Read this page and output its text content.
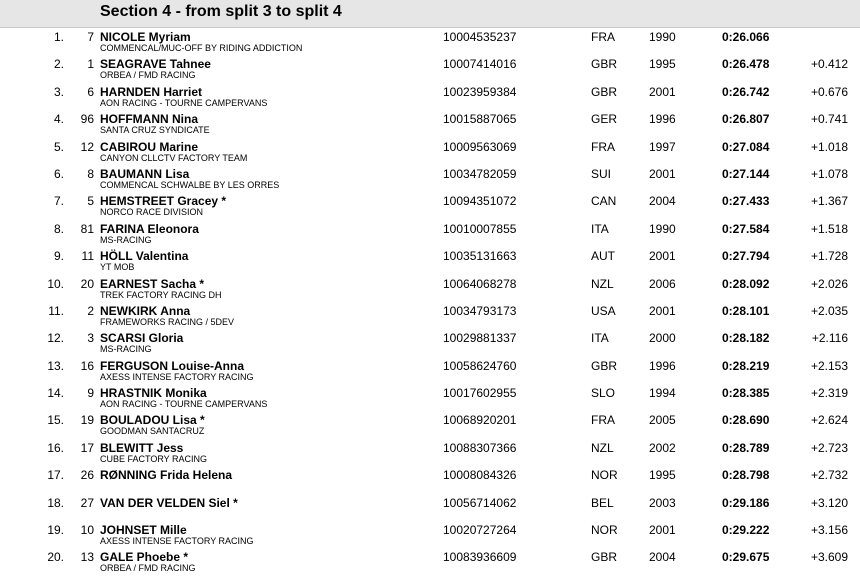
Section 4 - from split 3 to split 4
1.	7 NICOLE Myriam
COMMENCAL/MUC-OFF BY RIDING ADDICTION
10004535237	FRA	1990	0:26.066
2.	1 SEAGRAVE Tahnee
ORBEA / FMD RACING
10007414016	GBR	1995	0:26.478	+0.412
3.	6 HARNDEN Harriet
AON RACING - TOURNE CAMPERVANS
10023959384	GBR	2001	0:26.742	+0.676
4.	96 HOFFMANN Nina
SANTA CRUZ SYNDICATE
10015887065	GER	1996	0:26.807	+0.741
5.	12 CABIROU Marine
CANYON CLLCTV FACTORY TEAM
10009563069	FRA	1997	0:27.084	+1.018
6.	8 BAUMANN Lisa
COMMENCAL SCHWALBE BY LES ORRES
10034782059	SUI	2001	0:27.144	+1.078
7.	5 HEMSTREET Gracey *
NORCO RACE DIVISION
10094351072	CAN	2004	0:27.433	+1.367
8.	81 FARINA Eleonora
MS-RACING
10010007855	ITA	1990	0:27.584	+1.518
9.	11 HÖLL Valentina
YT MOB
10035131663	AUT	2001	0:27.794	+1.728
10.	20 EARNEST Sacha *
TREK FACTORY RACING DH
10064068278	NZL	2006	0:28.092	+2.026
11.	2 NEWKIRK Anna
FRAMEWORKS RACING / 5DEV
10034793173	USA	2001	0:28.101	+2.035
12.	3 SCARSI Gloria
MS-RACING
10029881337	ITA	2000	0:28.182	+2.116
13.	16 FERGUSON Louise-Anna
AXESS INTENSE FACTORY RACING
10058624760	GBR	1996	0:28.219	+2.153
14.	9 HRASTNIK Monika
AON RACING - TOURNE CAMPERVANS
10017602955	SLO	1994	0:28.385	+2.319
15.	19 BOULADOU Lisa *
GOODMAN SANTACRUZ
10068920201	FRA	2005	0:28.690	+2.624
16.	17 BLEWITT Jess
CUBE FACTORY RACING
10088307366	NZL	2002	0:28.789	+2.723
17.	26 RØNNING Frida Helena	10008084326	NOR	1995	0:28.798	+2.732
18.	27 VAN DER VELDEN Siel *	10056714062	BEL	2003	0:29.186	+3.120
19.	10 JOHNSET Mille
AXESS INTENSE FACTORY RACING
10020727264	NOR	2001	0:29.222	+3.156
20.	13 GALE Phoebe *
ORBEA / FMD RACING
10083936609	GBR	2004	0:29.675	+3.609
